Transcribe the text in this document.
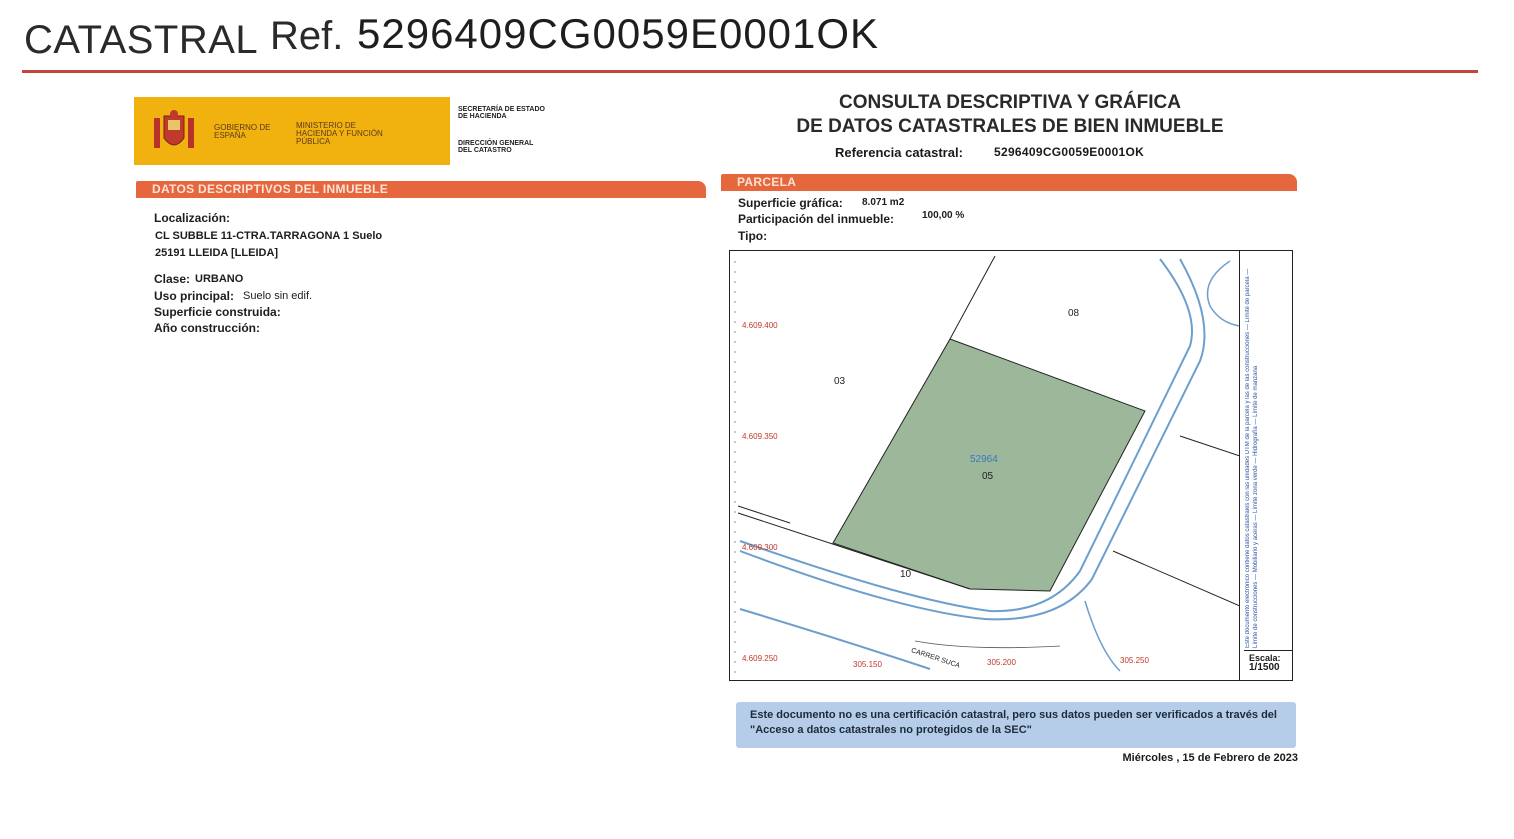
CATASTRAL Ref. 5296409CG0059E0001OK
GOBIERNO DE ESPAÑA
MINISTERIO DE HACIENDA Y FUNCIÓN PÚBLICA
SECRETARÍA DE ESTADO DE HACIENDA
DIRECCIÓN GENERAL DEL CATASTRO
CONSULTA DESCRIPTIVA Y GRÁFICA
DE DATOS CATASTRALES DE BIEN INMUEBLE
Referencia catastral:	5296409CG0059E0001OK
DATOS DESCRIPTIVOS DEL INMUEBLE	PARCELA
Localización:
CL SUBBLE 11-CTRA.TARRAGONA 1 Suelo
25191 LLEIDA [LLEIDA]
Clase: URBANO
Uso principal: Suelo sin edif.
Superficie construida:
Año construcción:
Superficie gráfica: 8.071 m2
Participación del inmueble:	100,00 %
Tipo:
4.609.400
4.609.350
4.609.300
4.609.250
305.150	305.200	305.250
08
03
10
05
52964
CARRER SUCA
Este documento electrónico contiene datos catastrales con las unidades UTM de la parcela y las de las construcciones — Límite de parcela — Límite de construcciones — Mobiliario y aceras — Límite zona verde — Hidrografía — Límite de manzana
Escala:
1/1500
Este documento no es una certificación catastral, pero sus datos pueden ser verificados a través del "Acceso a datos catastrales no protegidos de la SEC"
Miércoles , 15 de Febrero de 2023
